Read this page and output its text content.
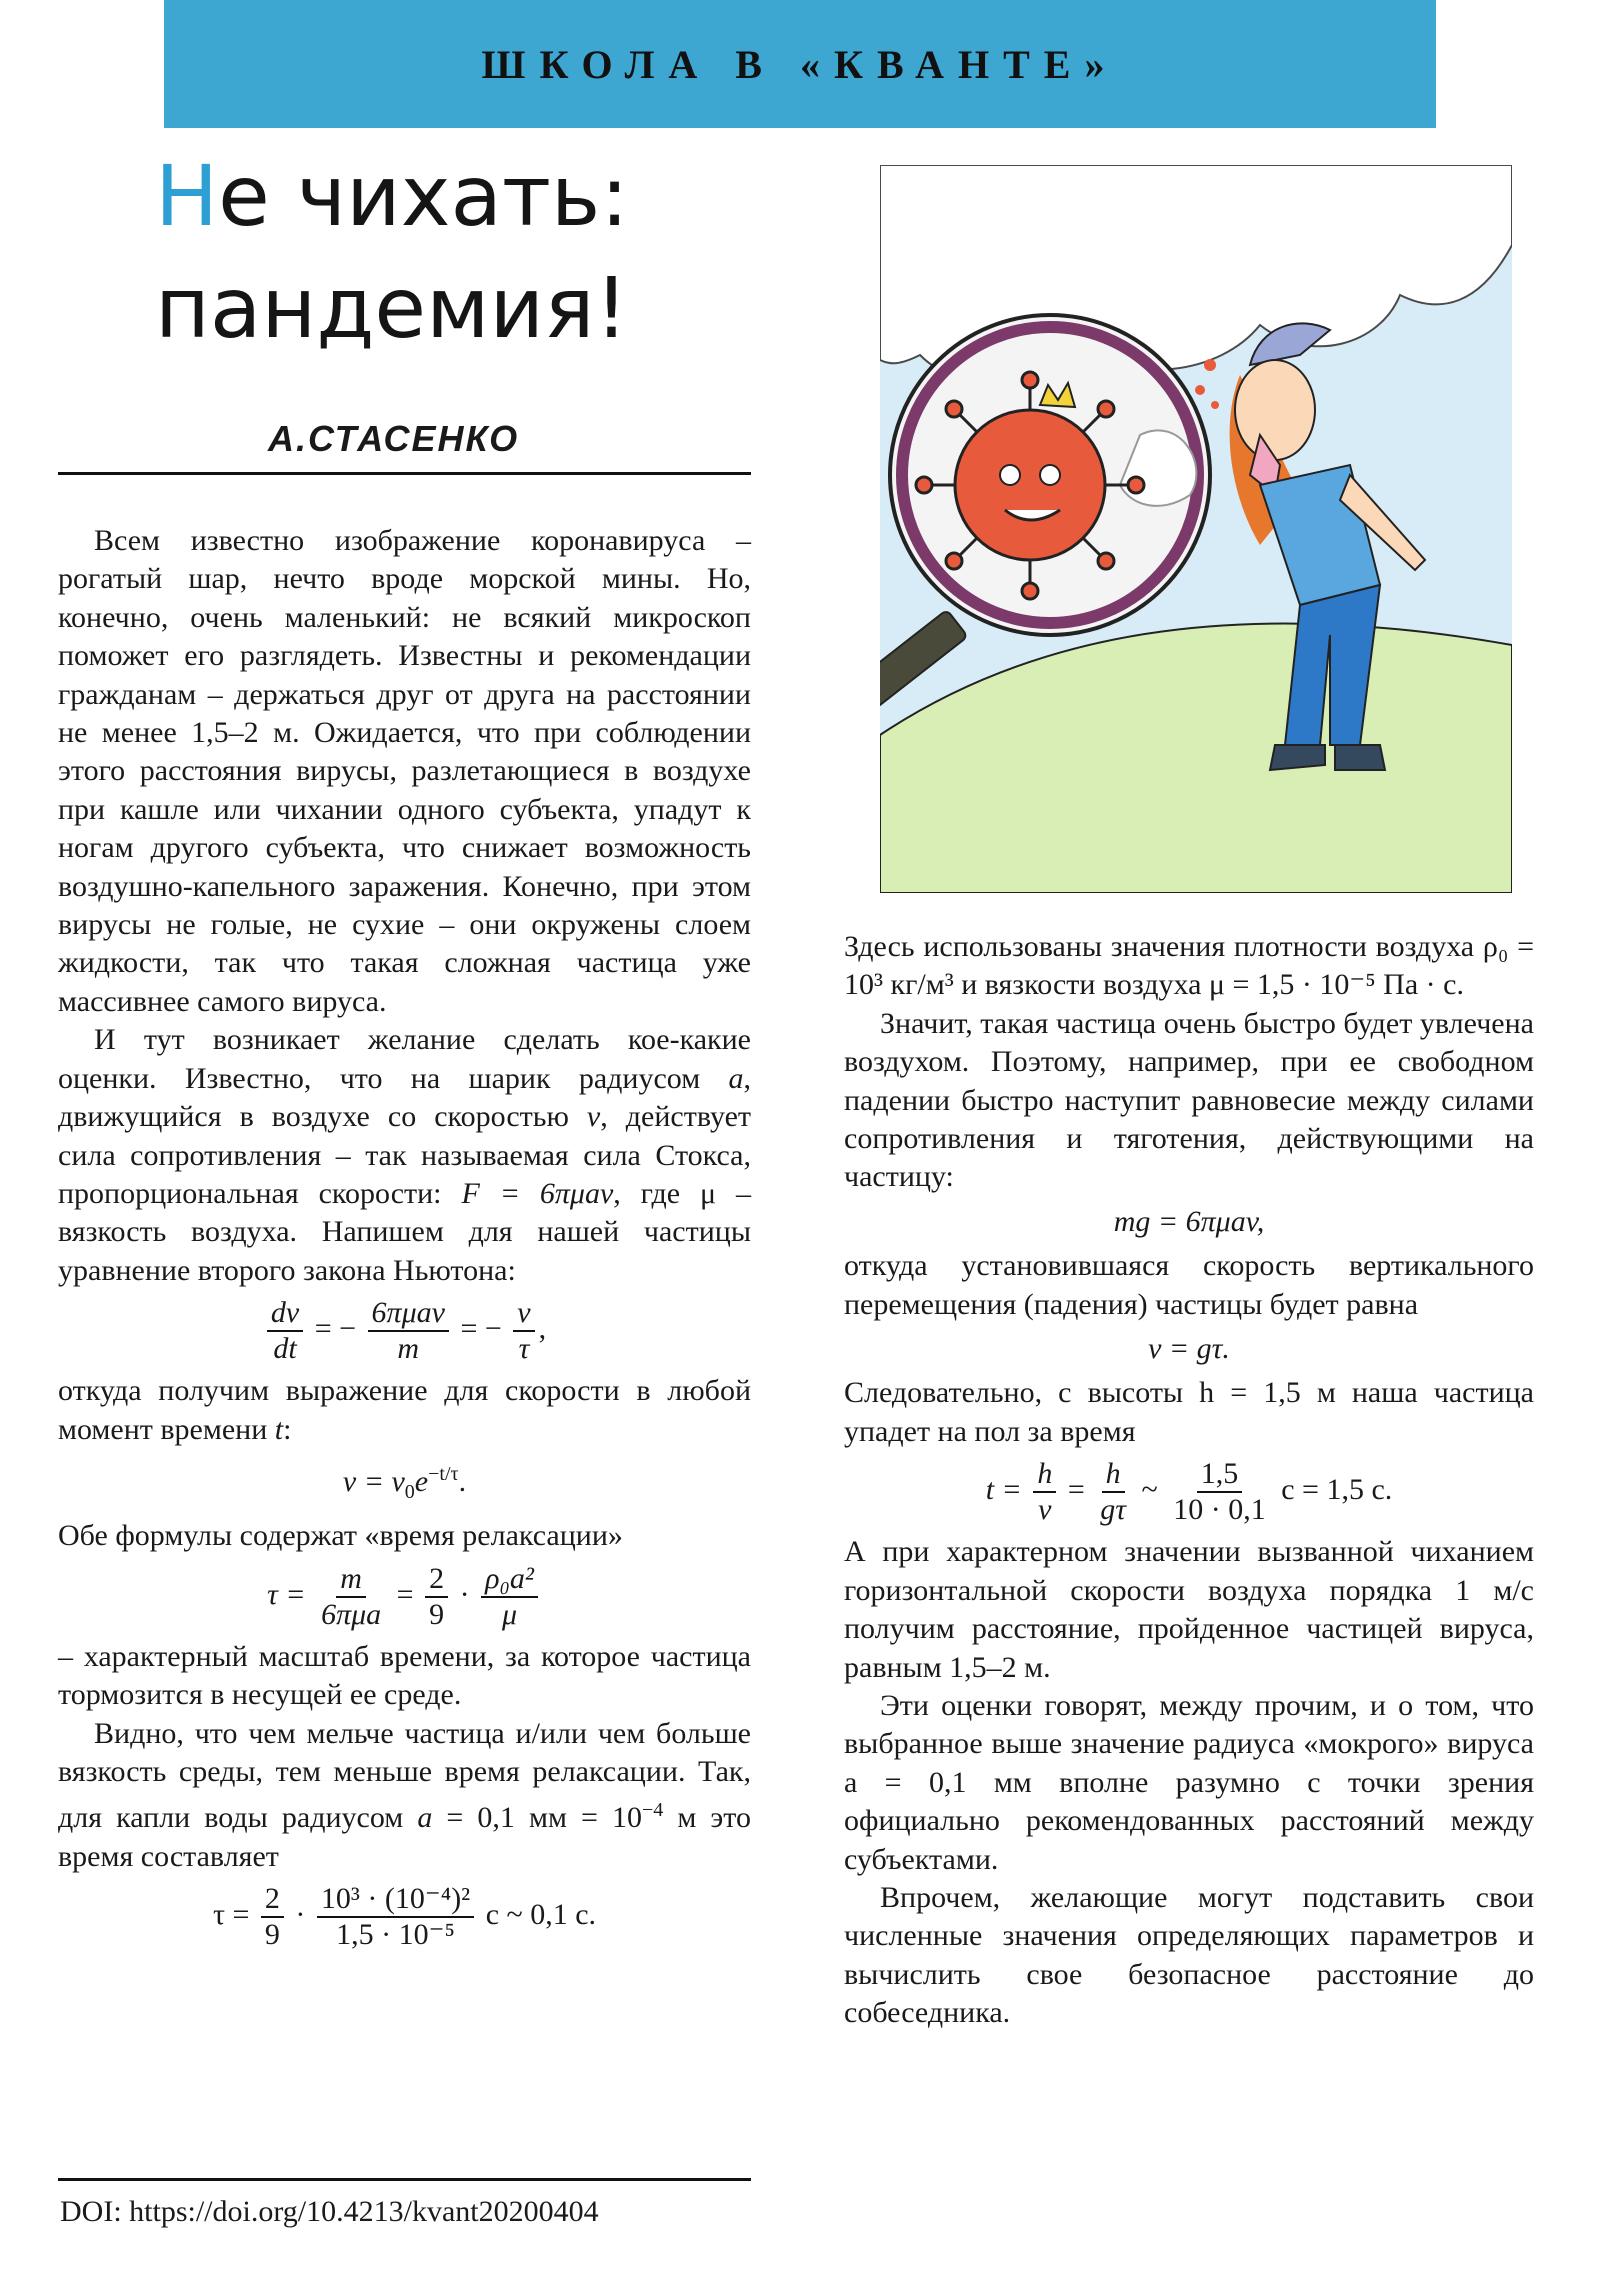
ШКОЛА В «КВАНТЕ»
Не чихать:
пандемия!
А.СТАСЕНКО

Всем известно изображение коронавируса – рогатый шар, нечто вроде морской мины. Но, конечно, очень маленький: не всякий микроскоп поможет его разглядеть. Известны и рекомендации гражданам – держаться друг от друга на расстоянии не менее 1,5–2 м. Ожидается, что при соблюдении этого расстояния вирусы, разлетающиеся в воздухе при кашле или чихании одного субъекта, упадут к ногам другого субъекта, что снижает возможность воздушно-капельного заражения. Конечно, при этом вирусы не голые, не сухие – они окружены слоем жидкости, так что такая сложная частица уже массивнее самого вируса.

И тут возникает желание сделать кое-какие оценки. Известно, что на шарик радиусом a, движущийся в воздухе со скоростью v, действует сила сопротивления – так называемая сила Стокса, пропорциональная скорости: F = 6πμav, где μ – вязкость воздуха. Напишем для нашей частицы уравнение второго закона Ньютона:

$\frac{dv}{dt}$ = − $\frac{\text{6πμav}}{m}$ = − $\frac{v}{\tau}$ ,

откуда получим выражение для скорости в любой момент времени t:

$v = v_0e^{-t/\tau}$.

Обе формулы содержат «время релаксации»

$\tau = \frac{m}{\text{6πμa}} = \frac{2}{9} \cdot \frac{\text{ρ₀a²}}{\mu}$

– характерный масштаб времени, за которое частица тормозится в несущей ее среде.

Видно, что чем мельче частица и/или чем больше вязкость среды, тем меньше время релаксации. Так, для капли воды радиусом a = 0,1 мм = $10^{-4}$ м это время составляет

$\tau = \frac{2}{9} \cdot \frac{\text{10³ · (10⁻⁴)²}}{\text{1,5 · 10⁻⁵}}$ с ~ 0,1 с.
DOI: https://doi.org/10.4213/kvant20200404

Здесь использованы значения плотности воздуха ρ₀ = 10³ кг/м³ и вязкости воздуха μ = 1,5 · 10⁻⁵ Па · с.

Значит, такая частица очень быстро будет увлечена воздухом. Поэтому, например, при ее свободном падении быстро наступит равновесие между силами сопротивления и тяготения, действующими на частицу:

mg = 6πμav,

откуда установившаяся скорость вертикального перемещения (падения) частицы будет равна

v = gτ.

Следовательно, с высоты h = 1,5 м наша частица упадет на пол за время

$t = \frac{h}{v} = \frac{h}{g\tau}$ ~ $\frac{1,5}{10 \cdot 0,1}$ с = 1,5 с.

А при характерном значении вызванной чиханием горизонтальной скорости воздуха порядка 1 м/с получим расстояние, пройденное частицей вируса, равным 1,5–2 м.

Эти оценки говорят, между прочим, и о том, что выбранное выше значение радиуса «мокрого» вируса a = 0,1 мм вполне разумно с точки зрения официально рекомендованных расстояний между субъектами.

Впрочем, желающие могут подставить свои численные значения определяющих параметров и вычислить свое безопасное расстояние до собеседника.
